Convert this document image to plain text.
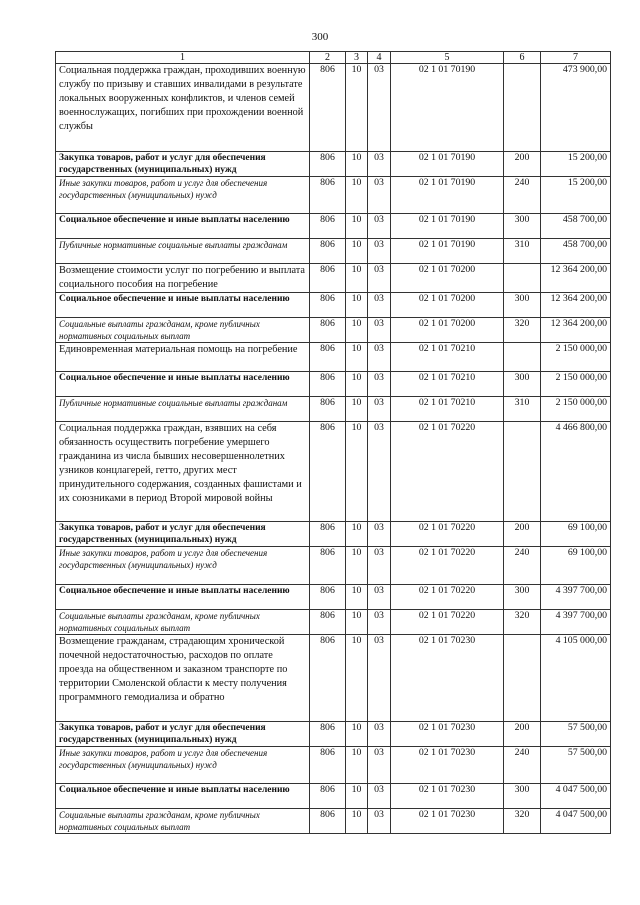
300
1	2	3	4	5	6	7
Социальная поддержка граждан, проходивших военную службу по призыву и ставших инвалидами в результате локальных вооруженных конфликтов, и членов семей военнослужащих, погибших при прохождении военной службы	806	10	03	02 1 01 70190		473 900,00
Закупка товаров, работ и услуг для обеспечения государственных (муниципальных) нужд	806	10	03	02 1 01 70190	200	15 200,00
Иные закупки товаров, работ и услуг для обеспечения государственных (муниципальных) нужд	806	10	03	02 1 01 70190	240	15 200,00
Социальное обеспечение и иные выплаты населению	806	10	03	02 1 01 70190	300	458 700,00
Публичные нормативные социальные выплаты гражданам	806	10	03	02 1 01 70190	310	458 700,00
Возмещение стоимости услуг по погребению и выплата социального пособия на погребение	806	10	03	02 1 01 70200		12 364 200,00
Социальное обеспечение и иные выплаты населению	806	10	03	02 1 01 70200	300	12 364 200,00
Социальные выплаты гражданам, кроме публичных нормативных социальных выплат	806	10	03	02 1 01 70200	320	12 364 200,00
Единовременная материальная помощь на погребение	806	10	03	02 1 01 70210		2 150 000,00
Социальное обеспечение и иные выплаты населению	806	10	03	02 1 01 70210	300	2 150 000,00
Публичные нормативные социальные выплаты гражданам	806	10	03	02 1 01 70210	310	2 150 000,00
Социальная поддержка граждан, взявших на себя обязанность осуществить погребение умершего гражданина из числа бывших несовершеннолетних узников концлагерей, гетто, других мест принудительного содержания, созданных фашистами и их союзниками в период Второй мировой войны	806	10	03	02 1 01 70220		4 466 800,00
Закупка товаров, работ и услуг для обеспечения государственных (муниципальных) нужд	806	10	03	02 1 01 70220	200	69 100,00
Иные закупки товаров, работ и услуг для обеспечения государственных (муниципальных) нужд	806	10	03	02 1 01 70220	240	69 100,00
Социальное обеспечение и иные выплаты населению	806	10	03	02 1 01 70220	300	4 397 700,00
Социальные выплаты гражданам, кроме публичных нормативных социальных выплат	806	10	03	02 1 01 70220	320	4 397 700,00
Возмещение гражданам, страдающим хронической почечной недостаточностью, расходов по оплате проезда на общественном и заказном транспорте по территории Смоленской области к месту получения программного гемодиализа и обратно	806	10	03	02 1 01 70230		4 105 000,00
Закупка товаров, работ и услуг для обеспечения государственных (муниципальных) нужд	806	10	03	02 1 01 70230	200	57 500,00
Иные закупки товаров, работ и услуг для обеспечения государственных (муниципальных) нужд	806	10	03	02 1 01 70230	240	57 500,00
Социальное обеспечение и иные выплаты населению	806	10	03	02 1 01 70230	300	4 047 500,00
Социальные выплаты гражданам, кроме публичных нормативных социальных выплат	806	10	03	02 1 01 70230	320	4 047 500,00
